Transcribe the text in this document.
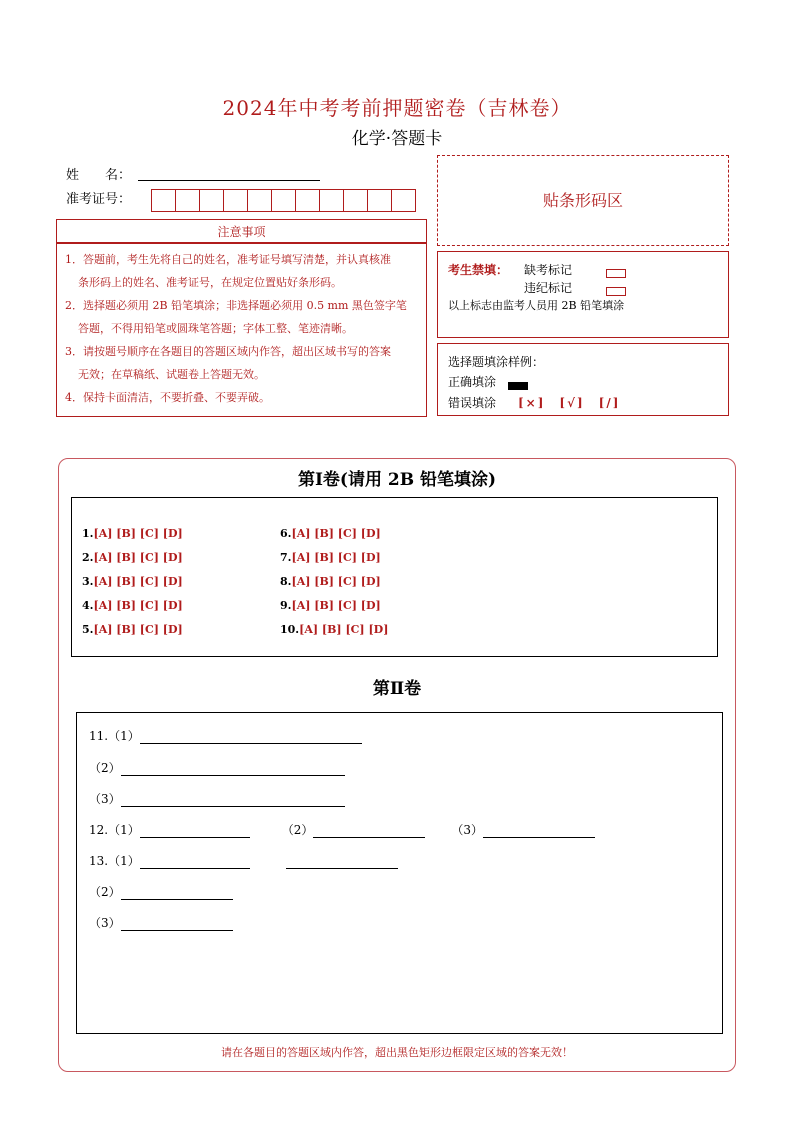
2024年中考考前押题密卷（吉林卷）
化学·答题卡
姓　　名：
准考证号：	贴条形码区
注意事项

1．答题前，考生先将自己的姓名，准考证号填写清楚，并认真核准

条形码上的姓名、准考证号，在规定位置贴好条形码。

2．选择题必须用 2B 铅笔填涂；非选择题必须用 0.5 mm 黑色签字笔

答题，不得用铅笔或圆珠笔答题；字体工整、笔迹清晰。

3．请按题号顺序在各题目的答题区域内作答，超出区域书写的答案

无效；在草稿纸、试题卷上答题无效。

4．保持卡面清洁，不要折叠、不要弄破。

考生禁填： 缺考标记
违纪标记
以上标志由监考人员用 2B 铅笔填涂
选择题填涂样例：
正确填涂
错误填涂 [×]　[√]　[/]
第Ⅰ卷(请用 2B 铅笔填涂)
1.[A] [B] [C] [D]
2.[A] [B] [C] [D]
3.[A] [B] [C] [D]
4.[A] [B] [C] [D]
5.[A] [B] [C] [D]
6.[A] [B] [C] [D]
7.[A] [B] [C] [D]
8.[A] [B] [C] [D]
9.[A] [B] [C] [D]
10.[A] [B] [C] [D]
第Ⅱ卷
11.（1）
（2）
（3）
12.（1）	（2）	（3）
13.（1）
（2）
（3）
请在各题目的答题区域内作答，超出黑色矩形边框限定区域的答案无效！
